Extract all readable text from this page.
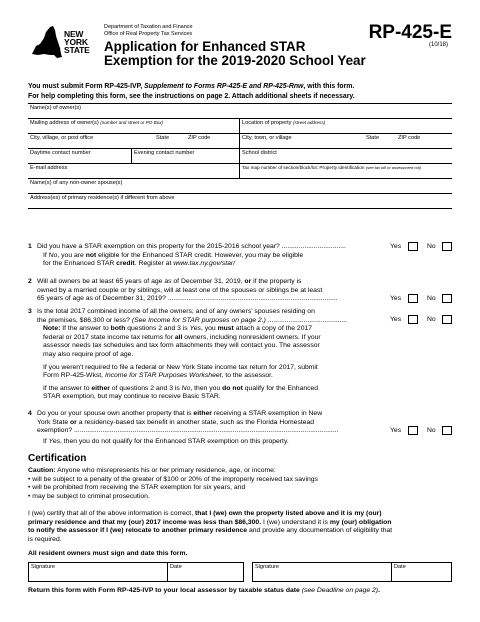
NEW
YORK
STATE
Department of Taxation and Finance
Office of Real Property Tax Services
Application for Enhanced STAR
Exemption for the 2019-2020 School Year
RP-425-E
(10/18)
You must submit Form RP-425-IVP, Supplement to Forms RP-425-E and RP-425-Rnw, with this form.
For help completing this form, see the instructions on page 2. Attach additional sheets if necessary.
Name(s) of owner(s)
Mailing address of owner(s) (number and street or PO Box)	Location of property (street address)
City, village, or post office	State	ZIP code	City, town, or village	State	ZIP code
Daytime contact number	Evening contact number	School district
E-mail address	Tax map number of section/block/lot: Property identification (see tax bill or assessment roll)
Name(s) of any non-owner spouse(s)
Address(es) of primary residence(s) if different from above
1 Did you have a STAR exemption on this property for the 2015-2016 school year? ..................................
If No, you are not eligible for the Enhanced STAR credit. However, you may be eligible
for the Enhanced STAR credit. Register at www.tax.ny.gov/star/
Yes	No
2 Will all owners be at least 65 years of age as of December 31, 2019, or if the property is
owned by a married couple or by siblings, will at least one of the spouses or siblings be at least
65 years of age as of December 31, 2019? ..........................................................................................	Yes	No
3 Is the total 2017 combined income of all the owners, and of any owners' spouses residing on
the premises, $86,300 or less? (See Income for STAR purposes on page 2.) ..........................................
Note: If the answer to both questions 2 and 3 is Yes, you must attach a copy of the 2017
federal or 2017 state income tax returns for all owners, including nonresident owners. If your
assessor needs tax schedules and tax form attachments they will contact you. The assessor
may also require proof of age.
If you weren't required to file a federal or New York State income tax return for 2017, submit
Form RP-425-Wkst, Income for STAR Purposes Worksheet, to the assessor.
If the answer to either of questions 2 and 3 is No, then you do not qualify for the Enhanced
STAR exemption, but may continue to receive Basic STAR.
Yes	No
4 Do you or your spouse own another property that is either receiving a STAR exemption in New
York State or a residency-based tax benefit in another state, such as the Florida Homestead
exemption? ............................................................................................................................................
If Yes, then you do not qualify for the Enhanced STAR exemption on this property.
Yes	No
Certification
Caution: Anyone who misrepresents his or her primary residence, age, or income:
• will be subject to a penalty of the greater of $100 or 20% of the improperly received tax savings
• will be prohibited from receiving the STAR exemption for six years, and
• may be subject to criminal prosecution.
I (we) certify that all of the above information is correct, that I (we) own the property listed above and it is my (our)
primary residence and that my (our) 2017 income was less than $86,300. I (we) understand it is my (our) obligation
to notify the assessor if I (we) relocate to another primary residence and provide any documentation of eligibility that
is required.
All resident owners must sign and date this form.
Signature	Date	Signature	Date
Return this form with Form RP-425-IVP to your local assessor by taxable status date (see Deadline on page 2).
